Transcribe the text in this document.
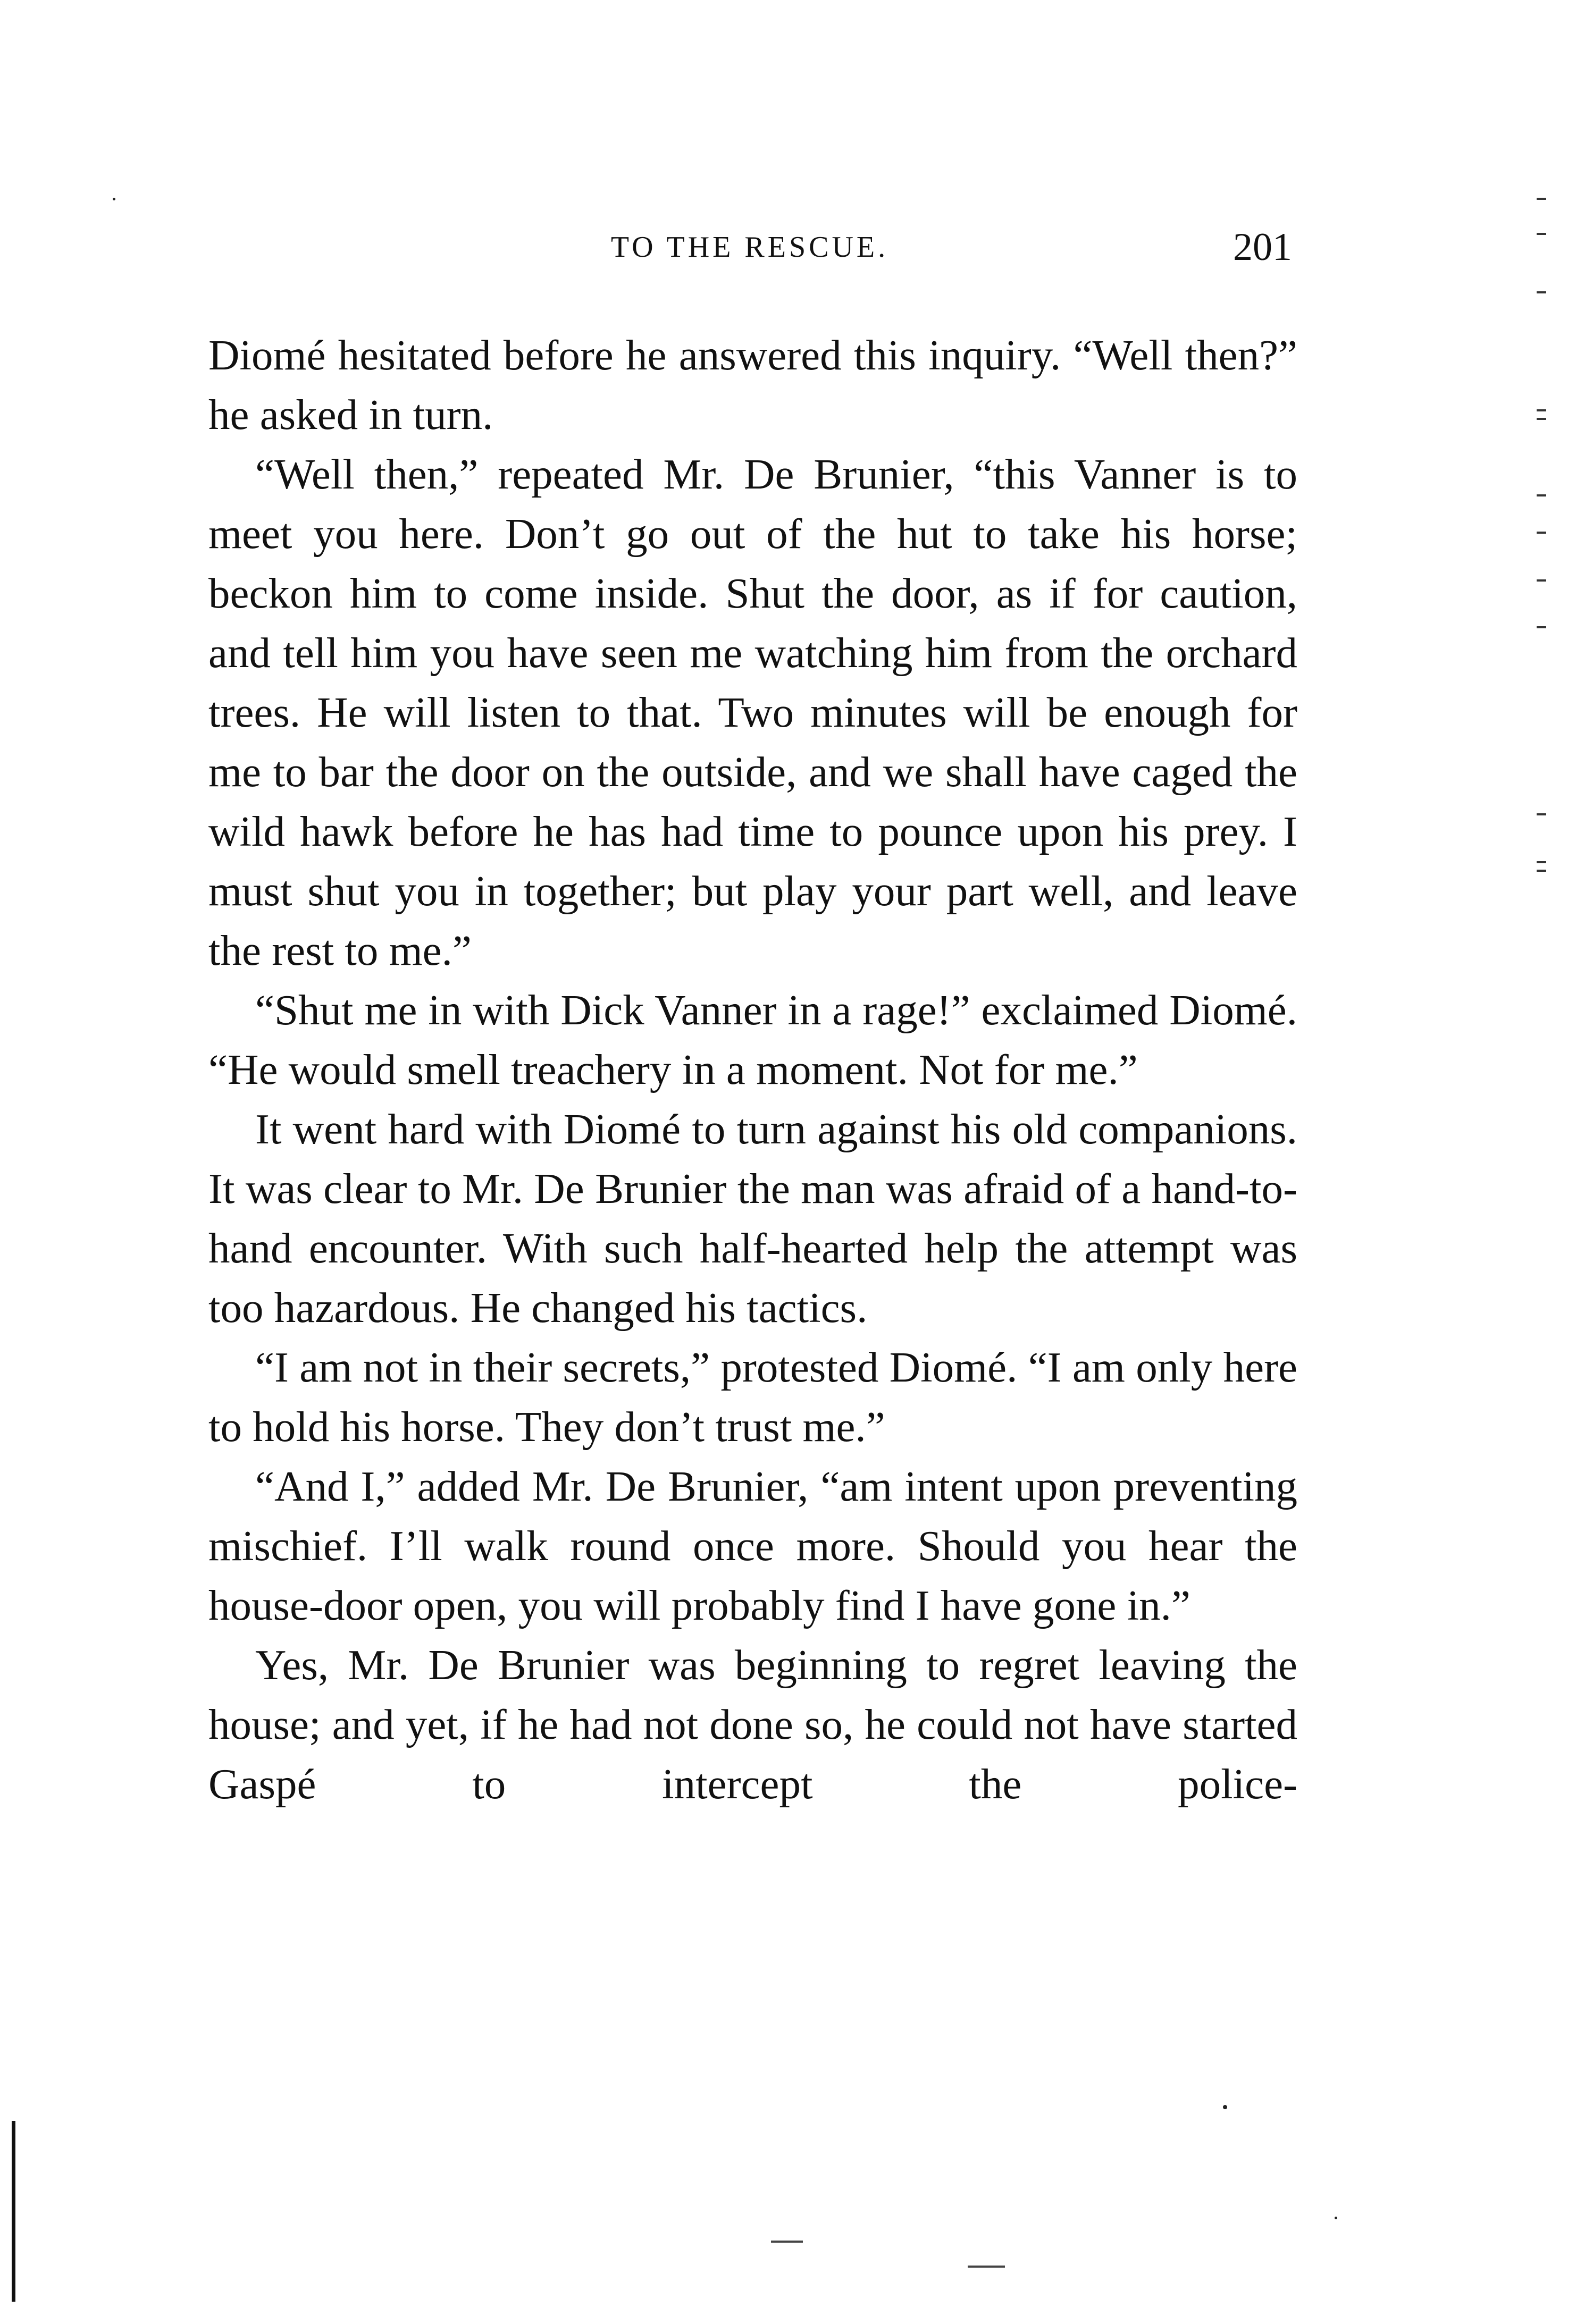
TO THE RESCUE.	201

Diomé hesitated before he answered this inquiry. “Well then?” he asked in turn.

“Well then,” repeated Mr. De Brunier, “this Vanner is to meet you here. Don’t go out of the hut to take his horse; beckon him to come inside. Shut the door, as if for caution, and tell him you have seen me watching him from the orchard trees. He will listen to that. Two minutes will be enough for me to bar the door on the outside, and we shall have caged the wild hawk before he has had time to pounce upon his prey. I must shut you in together; but play your part well, and leave the rest to me.”

“Shut me in with Dick Vanner in a rage!” exclaimed Diomé. “He would smell treachery in a moment. Not for me.”

It went hard with Diomé to turn against his old companions. It was clear to Mr. De Brunier the man was afraid of a hand-to-hand encounter. With such half-hearted help the attempt was too hazardous. He changed his tactics.

“I am not in their secrets,” protested Diomé. “I am only here to hold his horse. They don’t trust me.”

“And I,” added Mr. De Brunier, “am intent upon preventing mischief. I’ll walk round once more. Should you hear the house-door open, you will probably find I have gone in.”

Yes, Mr. De Brunier was beginning to regret leaving the house; and yet, if he had not done so, he could not have started Gaspé to intercept the police-
